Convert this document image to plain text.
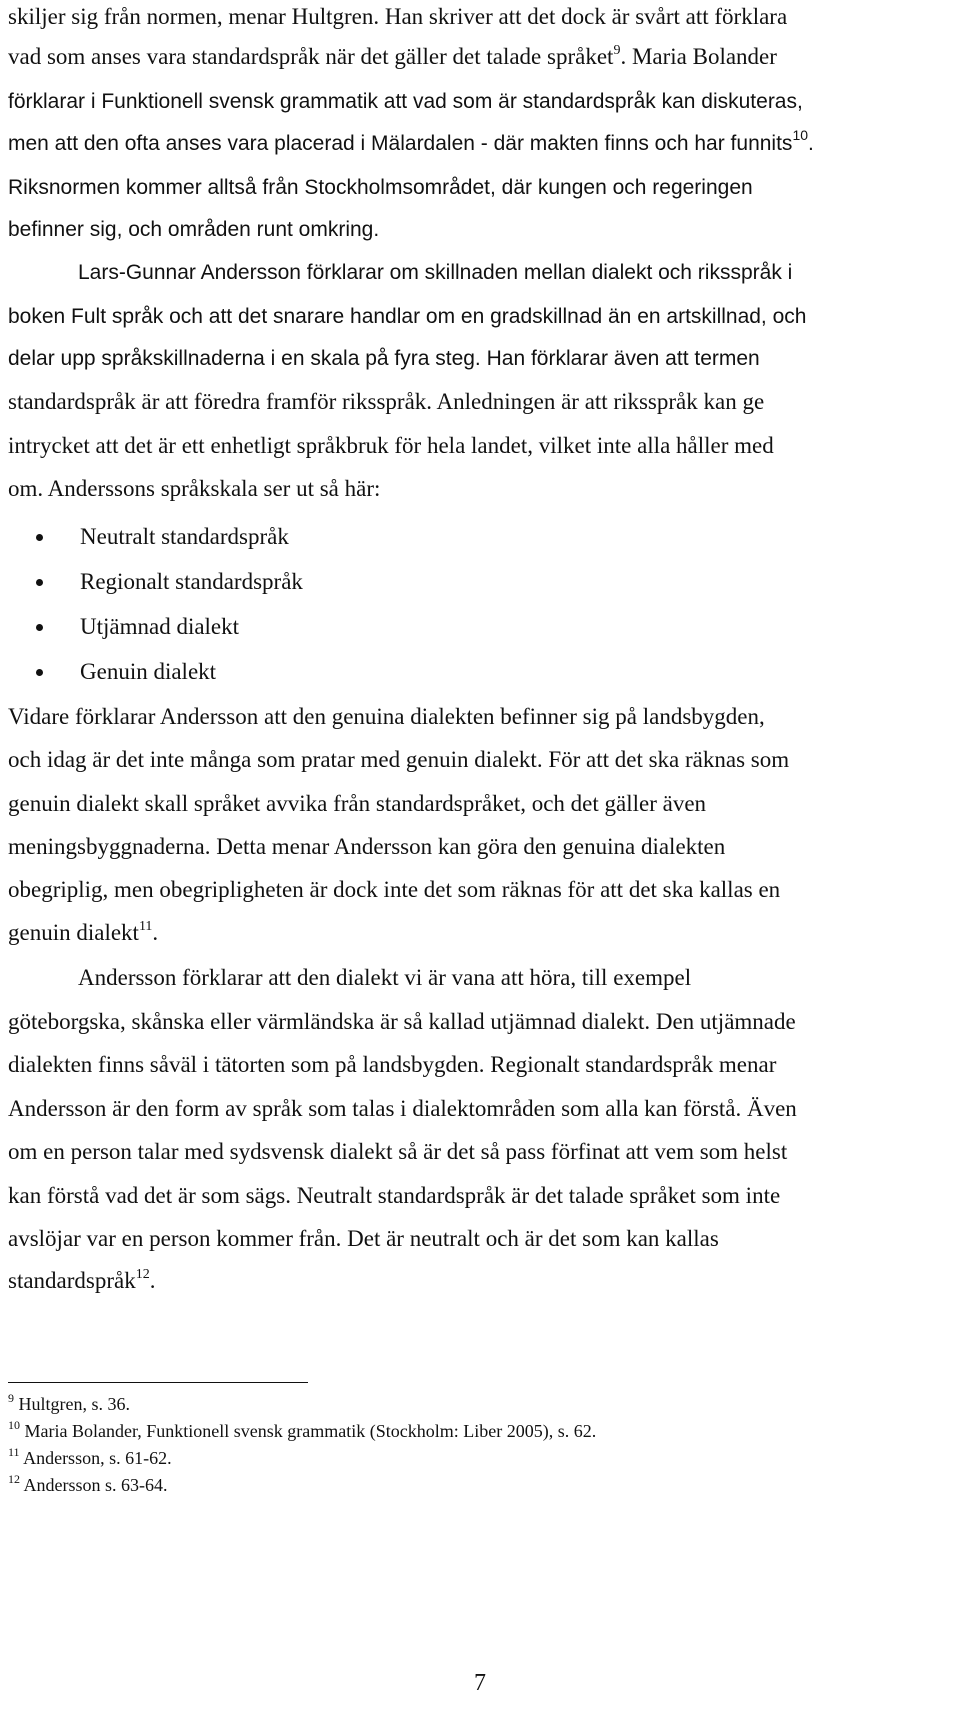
skiljer sig från normen, menar Hultgren. Han skriver att det dock är svårt att förklara
vad som anses vara standardspråk när det gäller det talade språket$^9$. Maria Bolander
förklarar i Funktionell svensk grammatik att vad som är standardspråk kan diskuteras,
men att den ofta anses vara placerad i Mälardalen - där makten finns och har funnits$^{10}$.
Riksnormen kommer alltså från Stockholmsområdet, där kungen och regeringen
befinner sig, och områden runt omkring.
Lars-Gunnar Andersson förklarar om skillnaden mellan dialekt och riksspråk i
boken Fult språk och att det snarare handlar om en gradskillnad än en artskillnad, och
delar upp språkskillnaderna i en skala på fyra steg. Han förklarar även att termen
standardspråk är att föredra framför riksspråk. Anledningen är att riksspråk kan ge
intrycket att det är ett enhetligt språkbruk för hela landet, vilket inte alla håller med
om. Anderssons språkskala ser ut så här:
Neutralt standardspråk
Regionalt standardspråk
Utjämnad dialekt
Genuin dialekt
Vidare förklarar Andersson att den genuina dialekten befinner sig på landsbygden,
och idag är det inte många som pratar med genuin dialekt. För att det ska räknas som
genuin dialekt skall språket avvika från standardspråket, och det gäller även
meningsbyggnaderna. Detta menar Andersson kan göra den genuina dialekten
obegriplig, men obegripligheten är dock inte det som räknas för att det ska kallas en
genuin dialekt$^{11}$.
Andersson förklarar att den dialekt vi är vana att höra, till exempel
göteborgska, skånska eller värmländska är så kallad utjämnad dialekt. Den utjämnade
dialekten finns såväl i tätorten som på landsbygden. Regionalt standardspråk menar
Andersson är den form av språk som talas i dialektområden som alla kan förstå. Även
om en person talar med sydsvensk dialekt så är det så pass förfinat att vem som helst
kan förstå vad det är som sägs. Neutralt standardspråk är det talade språket som inte
avslöjar var en person kommer från. Det är neutralt och är det som kan kallas
standardspråk$^{12}$.
$^9$ Hultgren, s. 36.
$^{10}$ Maria Bolander, Funktionell svensk grammatik (Stockholm: Liber 2005), s. 62.
$^{11}$ Andersson, s. 61-62.
$^{12}$ Andersson s. 63-64.
7
